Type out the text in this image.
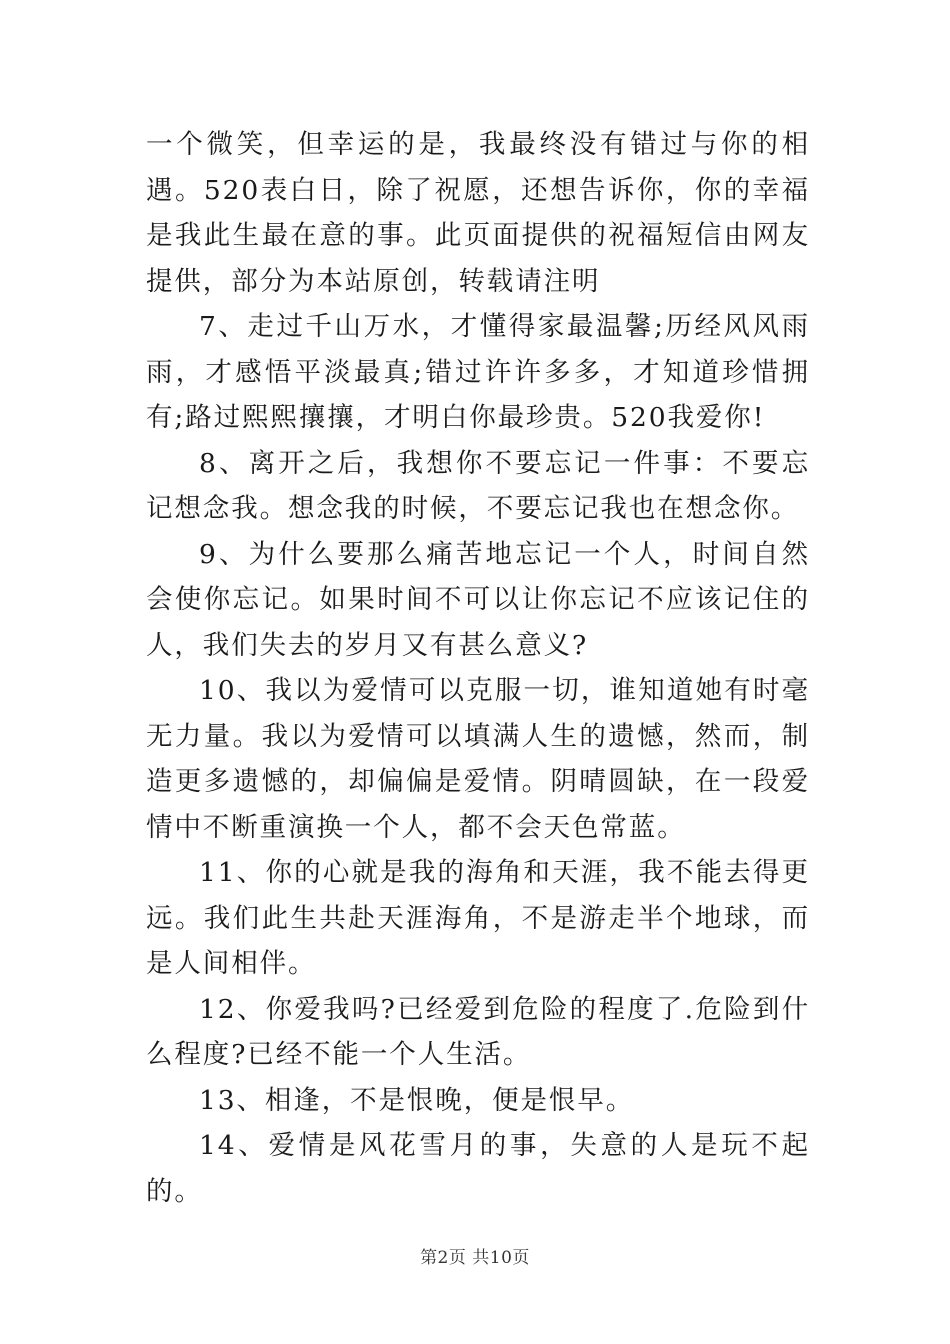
一个微笑，但幸运的是，我最终没有错过与你的相遇。520表白日，除了祝愿，还想告诉你，你的幸福是我此生最在意的事。此页面提供的祝福短信由网友提供，部分为本站原创，转载请注明

7、走过千山万水，才懂得家最温馨;历经风风雨雨，才感悟平淡最真;错过许许多多，才知道珍惜拥有;路过熙熙攘攘，才明白你最珍贵。520我爱你!

8、离开之后，我想你不要忘记一件事：不要忘记想念我。想念我的时候，不要忘记我也在想念你。

9、为什么要那么痛苦地忘记一个人，时间自然会使你忘记。如果时间不可以让你忘记不应该记住的人，我们失去的岁月又有甚么意义?

10、我以为爱情可以克服一切，谁知道她有时毫无力量。我以为爱情可以填满人生的遗憾，然而，制造更多遗憾的，却偏偏是爱情。阴晴圆缺，在一段爱情中不断重演换一个人，都不会天色常蓝。

11、你的心就是我的海角和天涯，我不能去得更远。我们此生共赴天涯海角，不是游走半个地球，而是人间相伴。

12、你爱我吗?已经爱到危险的程度了.危险到什么程度?已经不能一个人生活。

13、相逢，不是恨晚，便是恨早。

14、爱情是风花雪月的事，失意的人是玩不起的。

第2页 共10页
